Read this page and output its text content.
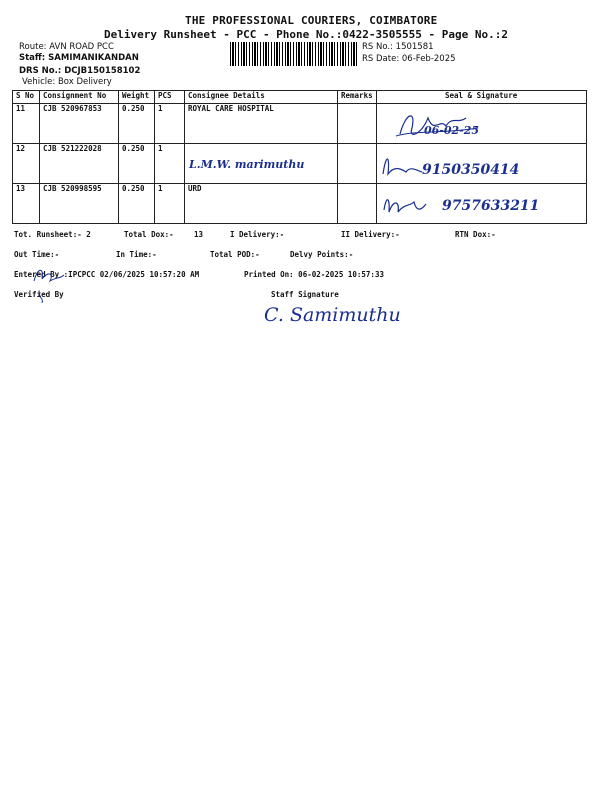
THE PROFESSIONAL COURIERS, COIMBATORE
Delivery Runsheet - PCC - Phone No.:0422-3505555 - Page No.:2
Route: AVN ROAD PCC
Staff: SAMIMANIKANDAN
DRS No.: DCJB150158102
Vehicle: Box Delivery
RS No.: 1501581
RS Date: 06-Feb-2025
S No	Consignment No	Weight	PCS	Consignee Details	Remarks	Seal & Signature
11	CJB 520967853	0.250	1	ROYAL CARE HOSPITAL		06-02-25

12	CJB 521222028	0.250	1	L.M.W. marimuthu		9150350414

13	CJB 520998595	0.250	1	URD		9757633211
Tot. Runsheet:- 2	Total Dox:-	13	I Delivery:-	II Delivery:-	RTN Dox:-
Out Time:-	In Time:-	Total POD:-	Delvy Points:-
Entered By :IPCPCC 02/06/2025 10:57:20 AM	Printed On: 06-02-2025 10:57:33
Verified By	Staff Signature
C. Samimuthu
